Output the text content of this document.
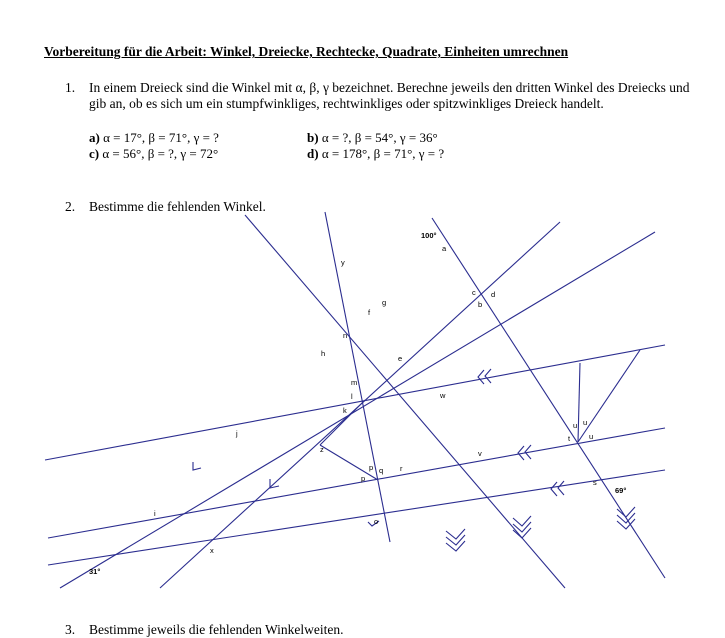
Vorbereitung für die Arbeit: Winkel, Dreiecke, Rechtecke, Quadrate, Einheiten umrechnen
1. In einem Dreieck sind die Winkel mit α, β, γ bezeichnet. Berechne jeweils den dritten Winkel des Dreiecks und gib an, ob es sich um ein stumpfwinkliges, rechtwinkliges oder spitzwinkliges Dreieck handelt.
a) α = 17°, β = 71°, γ = ?	b) α = ?, β = 54°, γ = 36°
c) α = 56°, β = ?, γ = 72°	d) α = 178°, β = 71°, γ = ?
2. Bestimme die fehlenden Winkel.
100°
a
c d
b
y
f
g
n
h
e
m
l
k
w
j
u u
t	u
z
p q r
p
v
s
69°
i
o
x
31°
3. Bestimme jeweils die fehlenden Winkelweiten.
